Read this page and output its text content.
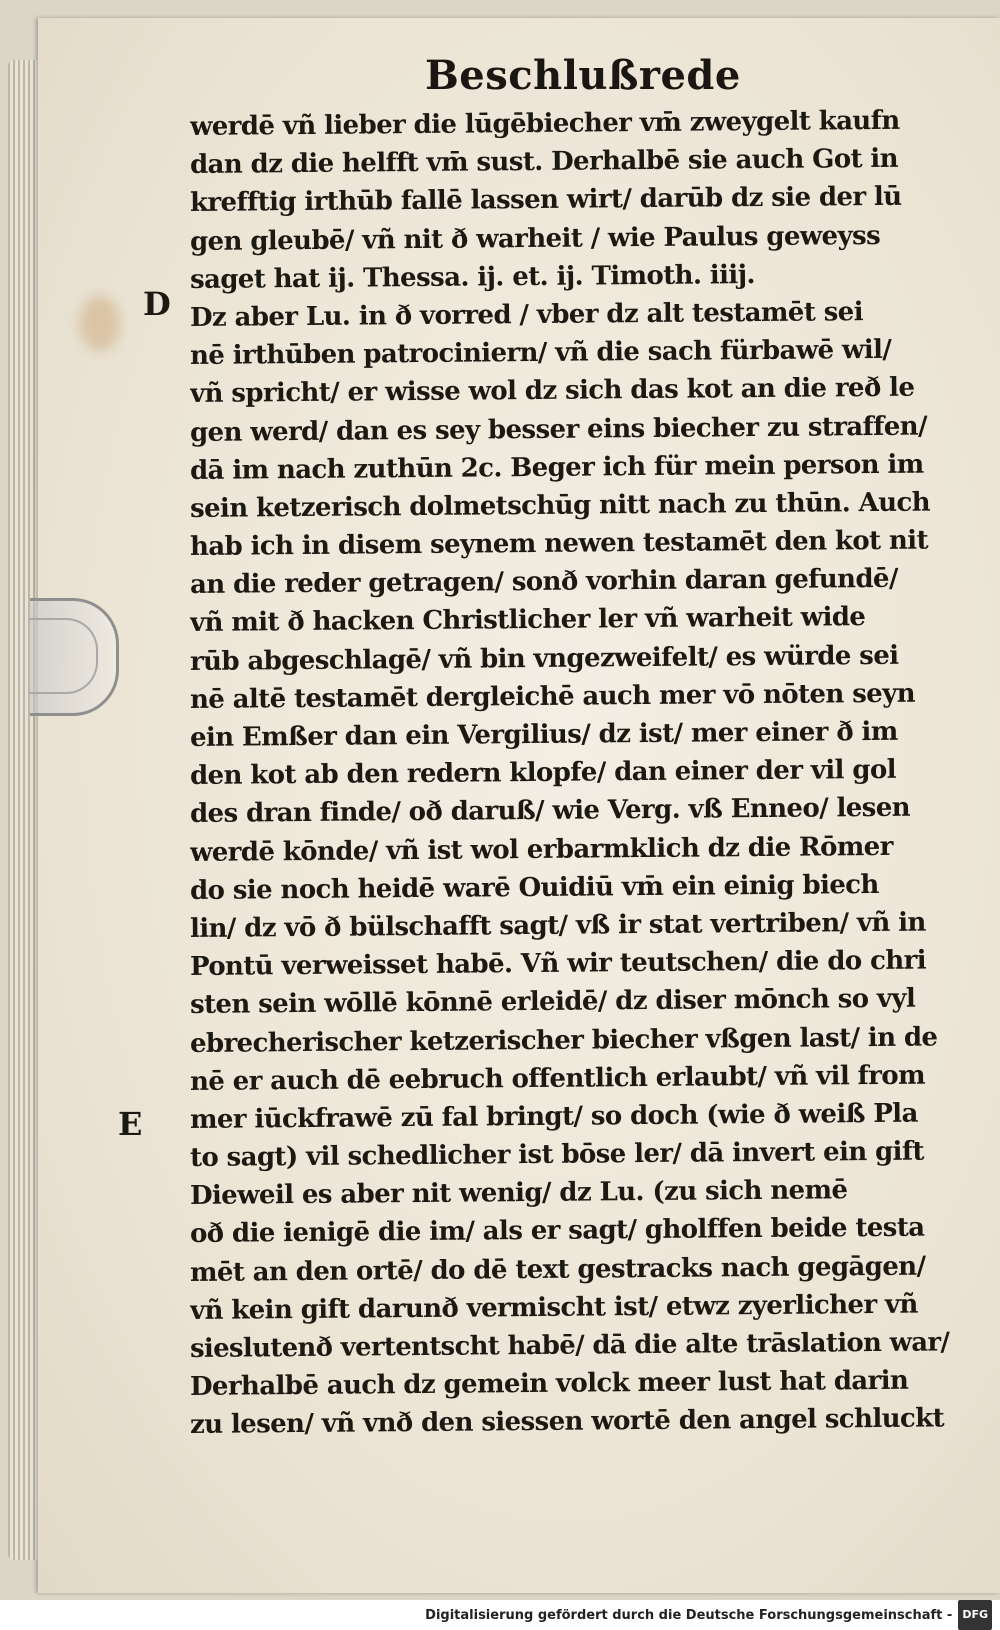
Beschlußrede
D
E
werdē vñ lieber die lūgēbiecher vm̄ zweygelt kaufn
dan dz die helfft vm̄ sust. Derhalbē sie auch Got in
krefftig irthūb fallē lassen wirt/ darūb dz sie der lū
gen gleubē/ vñ nit ð warheit / wie Paulus geweyss
saget hat ij. Thessa. ij. et. ij. Timoth. iiij.
Dz aber Lu. in ð vorred / vber dz alt testamēt sei
nē irthūben patrociniern/ vñ die sach fürbawē wil/
vñ spricht/ er wisse wol dz sich das kot an die reð le
gen werd/ dan es sey besser eins biecher zu straffen/
dā im nach zuthūn 2c. Beger ich für mein person im
sein ketzerisch dolmetschūg nitt nach zu thūn. Auch
hab ich in disem seynem newen testamēt den kot nit
an die reder getragen/ sonð vorhin daran gefundē/
vñ mit ð hacken Christlicher ler vñ warheit wide
rūb abgeschlagē/ vñ bin vngezweifelt/ es würde sei
nē altē testamēt dergleichē auch mer vō nōten seyn
ein Emßer dan ein Vergilius/ dz ist/ mer einer ð im
den kot ab den redern klopfe/ dan einer der vil gol
des dran finde/ oð daruß/ wie Verg. vß Enneo/ lesen
werdē kōnde/ vñ ist wol erbarmklich dz die Rōmer
do sie noch heidē warē Ouidiū vm̄ ein einig biech
lin/ dz vō ð bülschafft sagt/ vß ir stat vertriben/ vñ in
Pontū verweisset habē. Vñ wir teutschen/ die do chri
sten sein wōllē kōnnē erleidē/ dz diser mōnch so vyl
ebrecherischer ketzerischer biecher vßgen last/ in de
nē er auch dē eebruch offentlich erlaubt/ vñ vil from
mer iūckfrawē zū fal bringt/ so doch (wie ð weiß Pla
to sagt) vil schedlicher ist bōse ler/ dā invert ein gift
Dieweil es aber nit wenig/ dz Lu. (zu sich nemē
oð die ienigē die im/ als er sagt/ gholffen beide testa
mēt an den ortē/ do dē text gestracks nach gegāgen/
vñ kein gift darunð vermischt ist/ etwz zyerlicher vñ
sieslutenð vertentscht habē/ dā die alte trāslation war/
Derhalbē auch dz gemein volck meer lust hat darin
zu lesen/ vñ vnð den siessen wortē den angel schluckt
Digitalisierung gefördert durch die Deutsche Forschungsgemeinschaft - DFG
